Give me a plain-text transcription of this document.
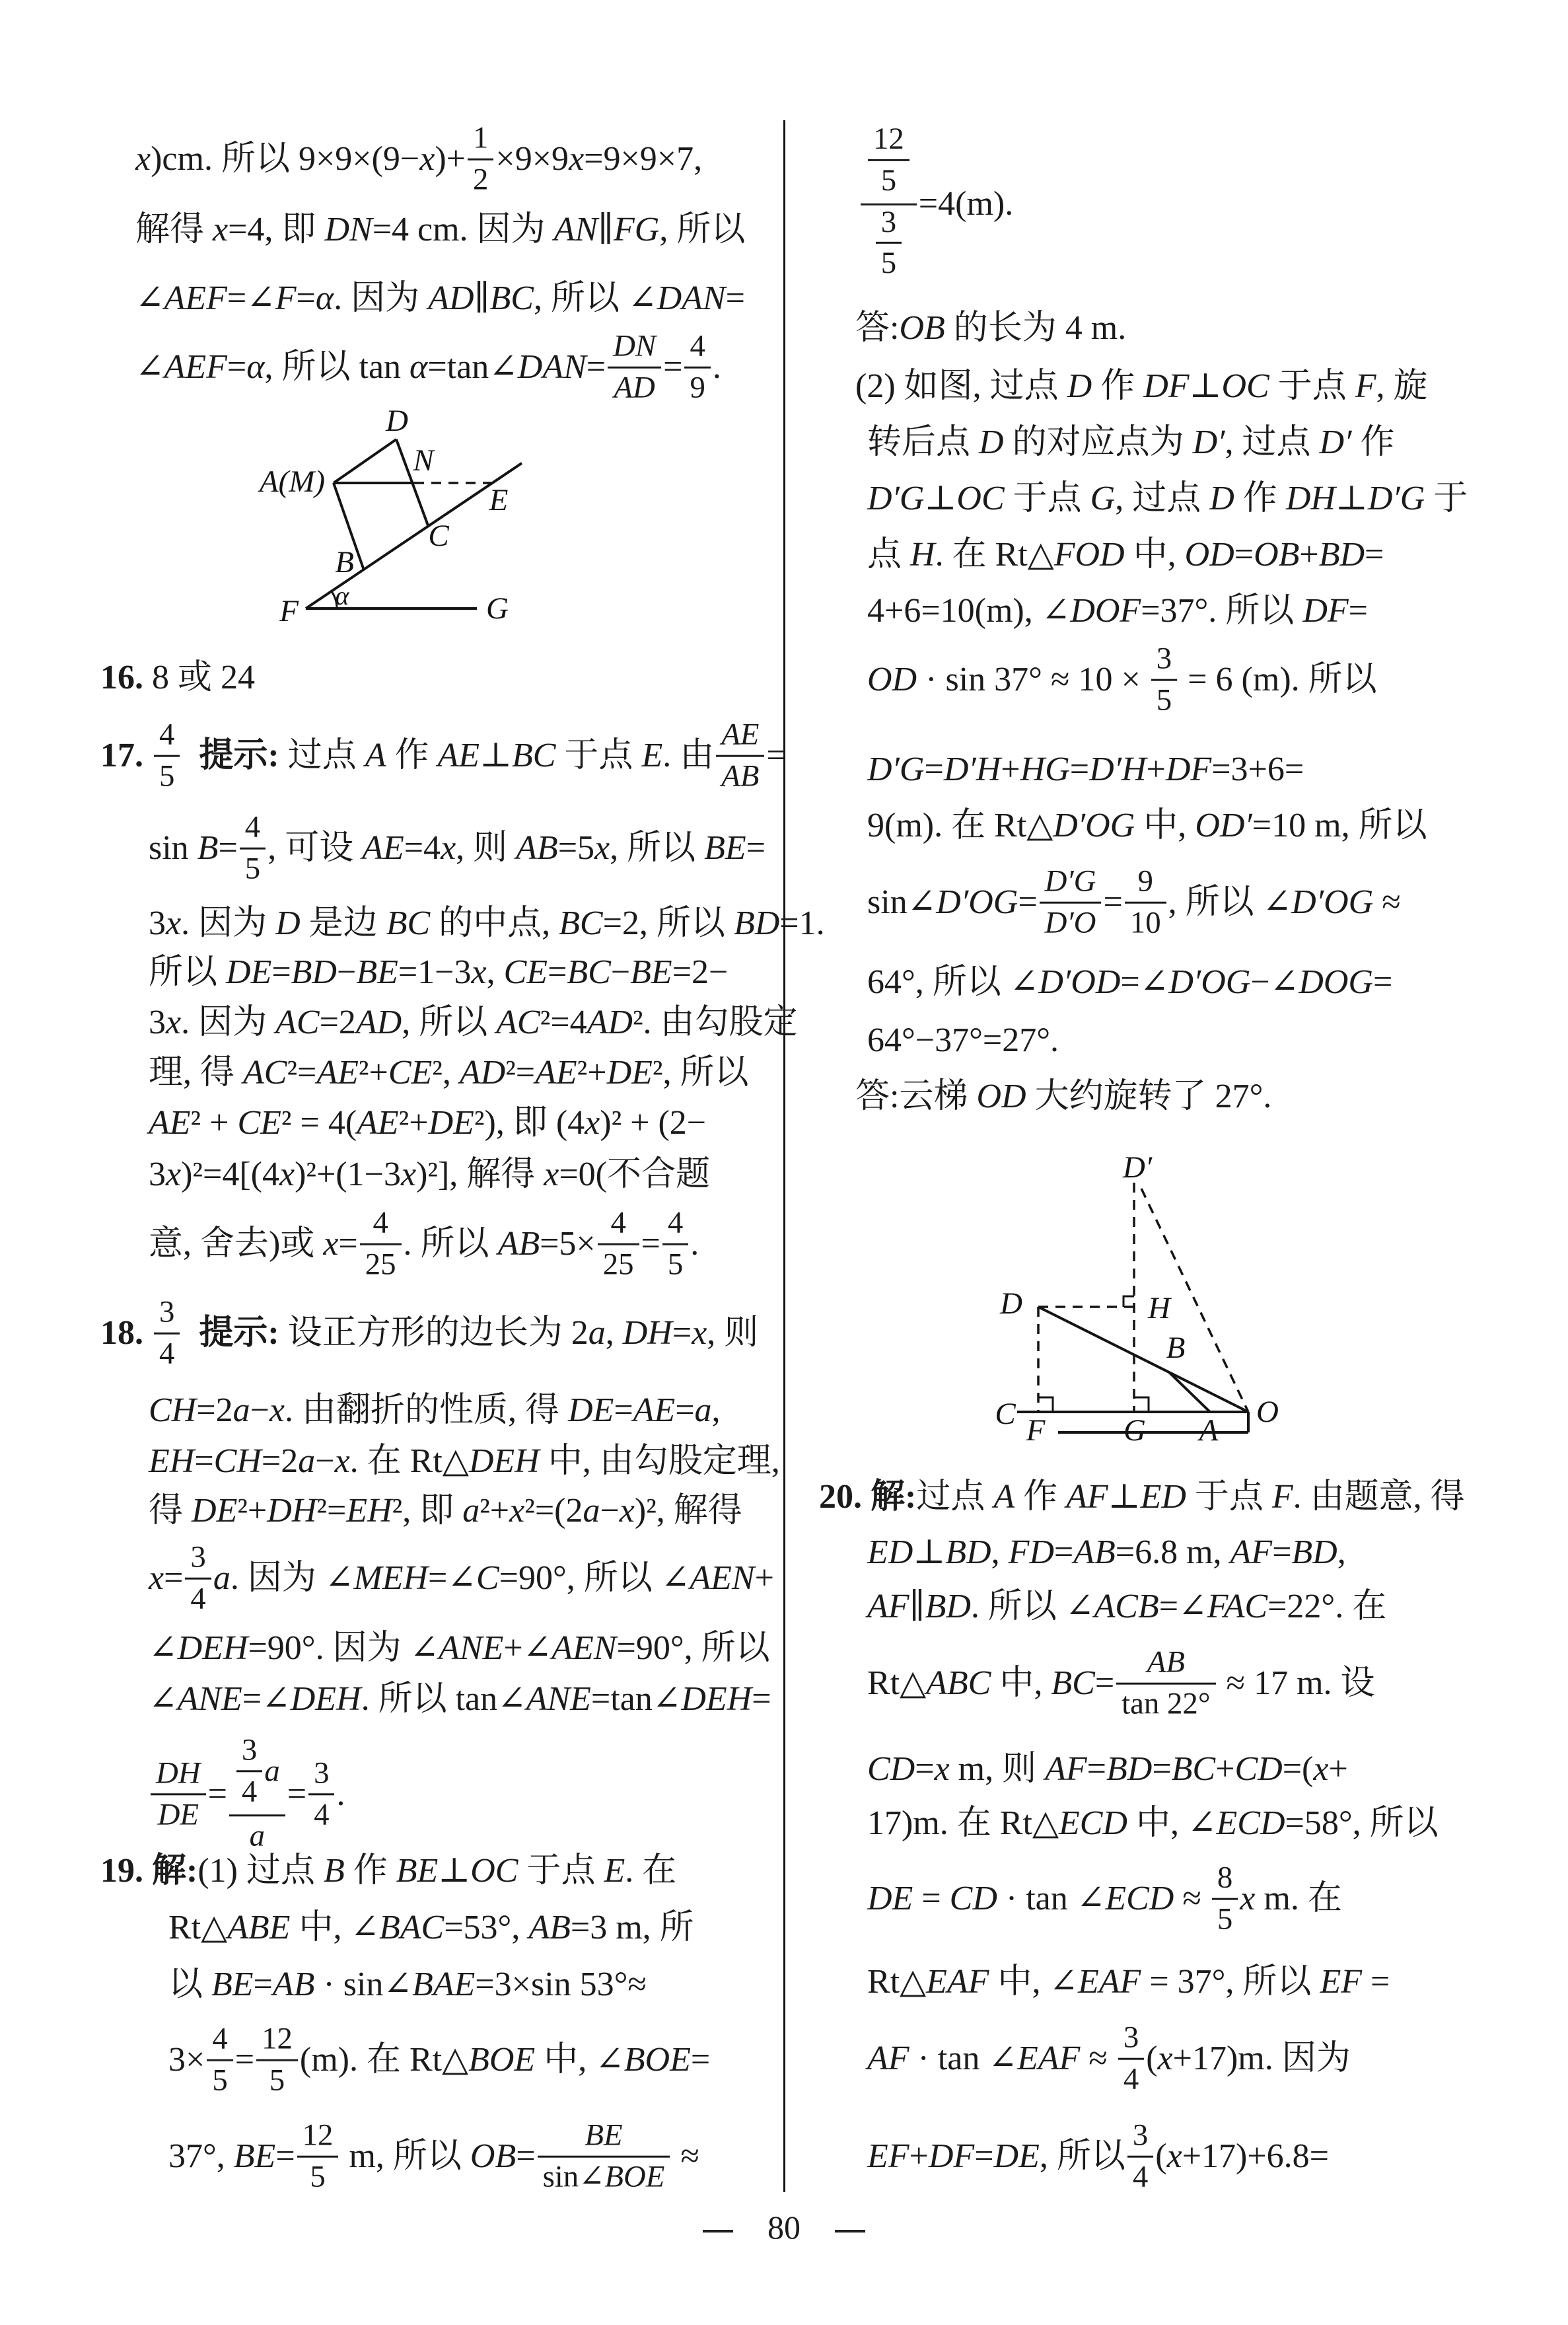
D
A(M)
N
E
C
B
F	G
α
D′
D	H
B
C F	G A
O
80
x)cm. 所以 $9\times 9\times(9-x)+ \frac{1}{2} \times 9\times 9x=9\times 9\times 7$,
解得 x=4, 即 DN=4 cm. 因为 AN∥FG, 所以
∠AEF=∠F=α. 因为 AD∥BC, 所以 ∠DAN=
∠AEF=α, 所以 tan α=tan∠DAN= $\frac{DN}{AD} = \frac{4}{9}$ .
16. 8 或 24
17. $\frac{4}{5}$ 提示: 过点 A 作 AE⊥BC 于点 E. 由 $\frac{AE}{AB}$ =
$\sin B= \frac{4}{5}$ , 可设 AE=4x, 则 AB=5x, 所以 BE=
3x. 因为 D 是边 BC 的中点, BC=2, 所以 BD=1.
所以 DE=BD−BE=1−3x, CE=BC−BE=2−
3x. 因为 AC=2AD, 所以 AC²=4AD². 由勾股定
理, 得 AC²=AE²+CE², AD²=AE²+DE², 所以
AE² + CE² = 4(AE²+DE²), 即 (4x)² + (2−
3x)²=4[(4x)²+(1−3x)²], 解得 x=0(不合题
意, 舍去)或 $x= \frac{4}{25}$ . 所以 $AB=5\times \frac{4}{25} = \frac{4}{5}$ .
18. $\frac{3}{4}$ 提示: 设正方形的边长为 2a, DH=x, 则
CH=2a−x. 由翻折的性质, 得 DE=AE=a,
EH=CH=2a−x. 在 Rt△DEH 中, 由勾股定理,
得 DE²+DH²=EH², 即 a²+x²=(2a−x)², 解得
$x= \frac{3}{4} a$. 因为 ∠MEH=∠C=90°, 所以 ∠AEN+
∠DEH=90°. 因为 ∠ANE+∠AEN=90°, 所以
∠ANE=∠DEH. 所以 tan∠ANE=tan∠DEH=
$\frac{DH}{DE} = \frac{\frac{3}{4} a}{a} = \frac{3}{4}$ .
19. 解:(1) 过点 B 作 BE⊥OC 于点 E. 在
Rt△ABE 中, ∠BAC=53°, AB=3 m, 所
以 BE=AB · sin∠BAE=3×sin 53°≈
$3\times \frac{4}{5} = \frac{12}{5} (m)$. 在 Rt△BOE 中, ∠BOE=
37°, $BE= \frac{12}{5} m$, 所以 $OB= \frac{BE}{\text{sin∠BOE}}$ ≈
$\frac{\frac{12}{5}}{\frac{3}{5}} =4(m)$.
答:OB 的长为 4 m.
(2) 如图, 过点 D 作 DF⊥OC 于点 F, 旋
转后点 D 的对应点为 D′, 过点 D′ 作
D′G⊥OC 于点 G, 过点 D 作 DH⊥D′G 于
点 H. 在 Rt△FOD 中, OD=OB+BD=
4+6=10(m), ∠DOF=37°. 所以 DF=
OD · $\sin 37^\circ \approx 10 \times \frac{3}{5} = 6$ (m). 所以
D′G=D′H+HG=D′H+DF=3+6=
9(m). 在 Rt△D′OG 中, OD′=10 m, 所以
sin∠D′OG= $\frac{D'G}{D'O} = \frac{9}{10}$ , 所以 ∠D′OG ≈
64°, 所以 ∠D′OD=∠D′OG−∠DOG=
64°−37°=27°.
答:云梯 OD 大约旋转了 27°.
20. 解:过点 A 作 AF⊥ED 于点 F. 由题意, 得
ED⊥BD, FD=AB=6.8 m, AF=BD,
AF∥BD. 所以 ∠ACB=∠FAC=22°. 在
Rt△ABC 中, $BC= \frac{AB}{\tan 22^\circ} \approx 17$ m. 设
CD=x m, 则 AF=BD=BC+CD=(x+
17)m. 在 Rt△ECD 中, ∠ECD=58°, 所以
DE = CD · tan ∠ECD ≈ $\frac{8}{5}$ x m. 在
Rt△EAF 中, ∠EAF = 37°, 所以 EF =
AF · tan ∠EAF ≈ $\frac{3}{4} (x+17)m$. 因为
EF+DF=DE, 所以 $\frac{3}{4} (x+17)+6.8=$
